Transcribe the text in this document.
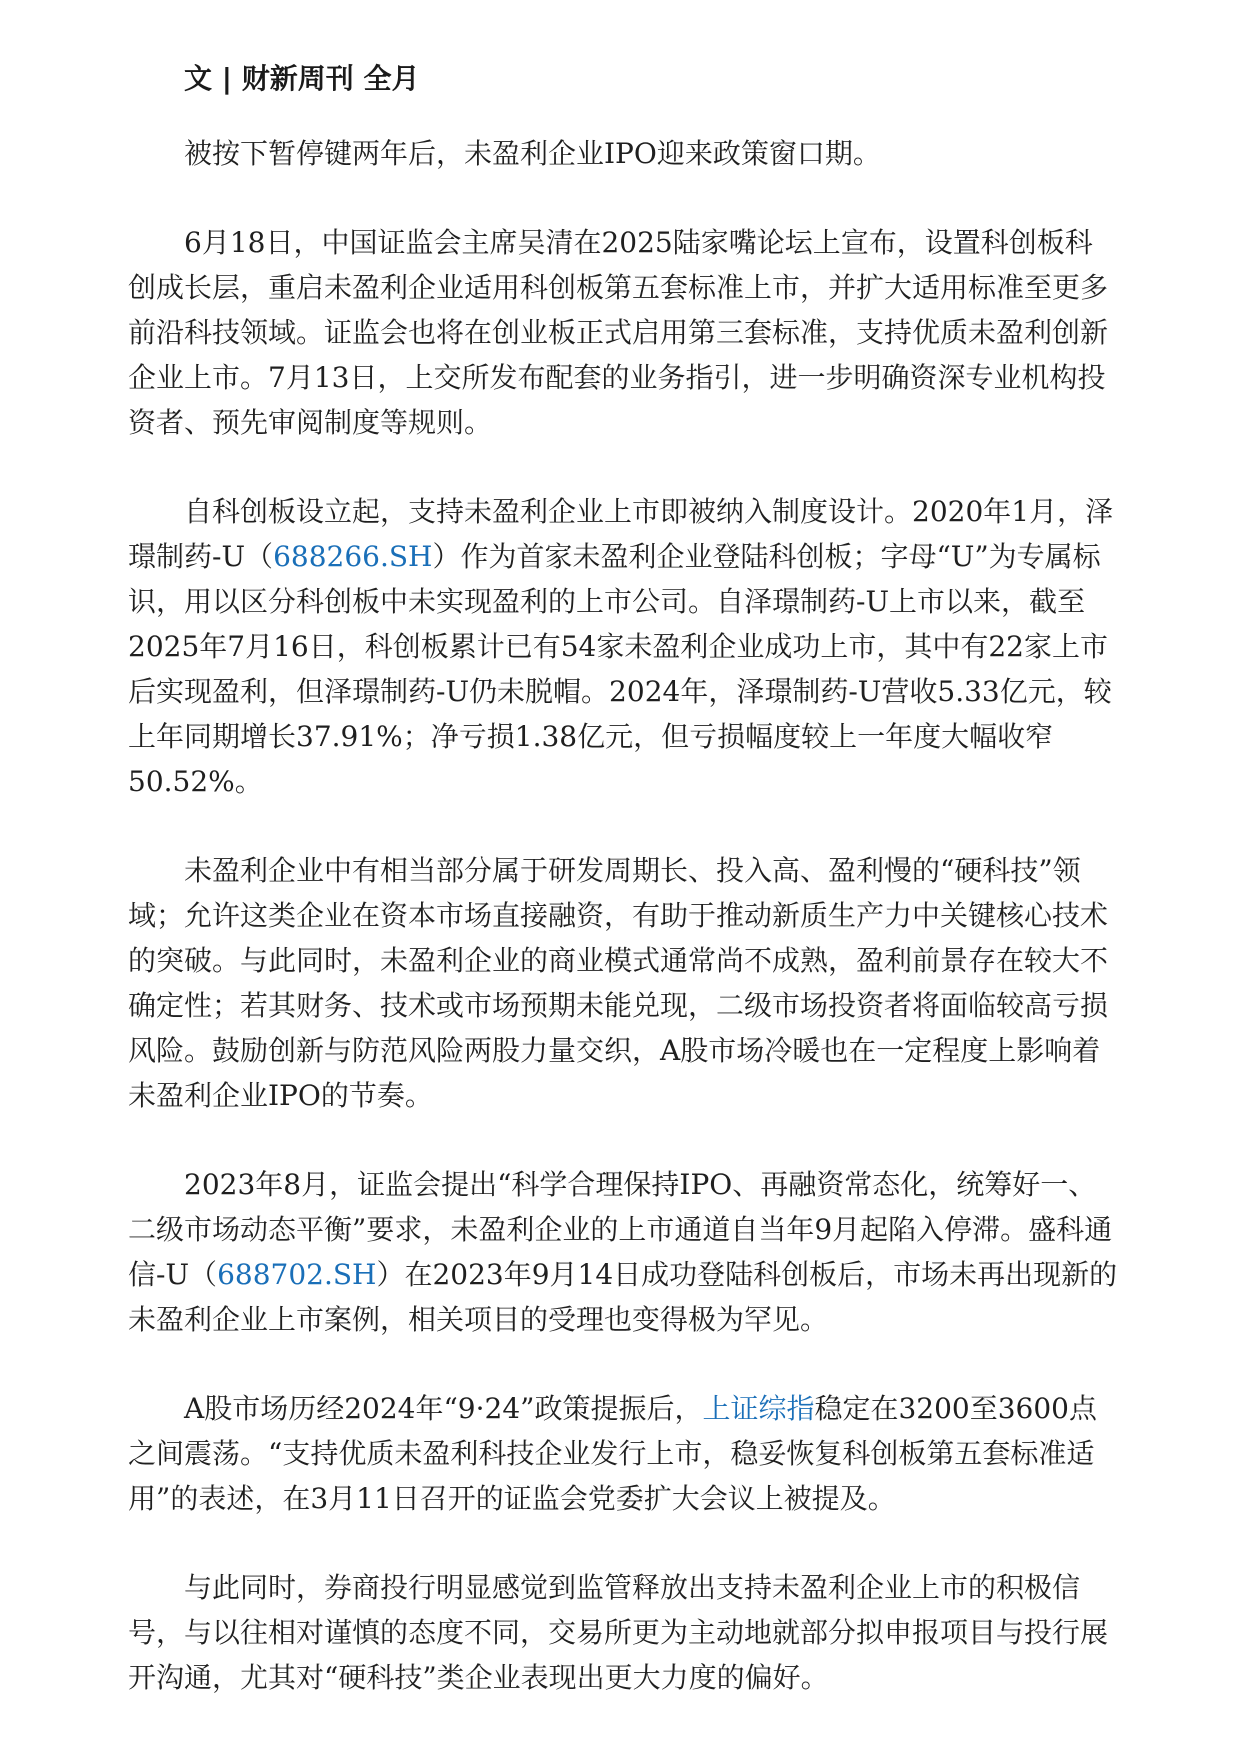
文 | 财新周刊 全月

被按下暂停键两年后，未盈利企业IPO迎来政策窗口期。

6月18日，中国证监会主席吴清在2025陆家嘴论坛上宣布，设置科创板科创成长层，重启未盈利企业适用科创板第五套标准上市，并扩大适用标准至更多前沿科技领域。证监会也将在创业板正式启用第三套标准，支持优质未盈利创新企业上市。7月13日，上交所发布配套的业务指引，进一步明确资深专业机构投资者、预先审阅制度等规则。

自科创板设立起，支持未盈利企业上市即被纳入制度设计。2020年1月，泽璟制药-U（688266.SH）作为首家未盈利企业登陆科创板；字母“U”为专属标识，用以区分科创板中未实现盈利的上市公司。自泽璟制药-U上市以来，截至2025年7月16日，科创板累计已有54家未盈利企业成功上市，其中有22家上市后实现盈利，但泽璟制药-U仍未脱帽。2024年，泽璟制药-U营收5.33亿元，较上年同期增长37.91%；净亏损1.38亿元，但亏损幅度较上一年度大幅收窄50.52%。

未盈利企业中有相当部分属于研发周期长、投入高、盈利慢的“硬科技”领域；允许这类企业在资本市场直接融资，有助于推动新质生产力中关键核心技术的突破。与此同时，未盈利企业的商业模式通常尚不成熟，盈利前景存在较大不确定性；若其财务、技术或市场预期未能兑现，二级市场投资者将面临较高亏损风险。鼓励创新与防范风险两股力量交织，A股市场冷暖也在一定程度上影响着未盈利企业IPO的节奏。

2023年8月，证监会提出“科学合理保持IPO、再融资常态化，统筹好一、二级市场动态平衡”要求，未盈利企业的上市通道自当年9月起陷入停滞。盛科通信-U（688702.SH）在2023年9月14日成功登陆科创板后，市场未再出现新的未盈利企业上市案例，相关项目的受理也变得极为罕见。

A股市场历经2024年“9·24”政策提振后，上证综指稳定在3200至3600点之间震荡。“支持优质未盈利科技企业发行上市，稳妥恢复科创板第五套标准适用”的表述，在3月11日召开的证监会党委扩大会议上被提及。

与此同时，券商投行明显感觉到监管释放出支持未盈利企业上市的积极信号，与以往相对谨慎的态度不同，交易所更为主动地就部分拟申报项目与投行展开沟通，尤其对“硬科技”类企业表现出更大力度的偏好。
